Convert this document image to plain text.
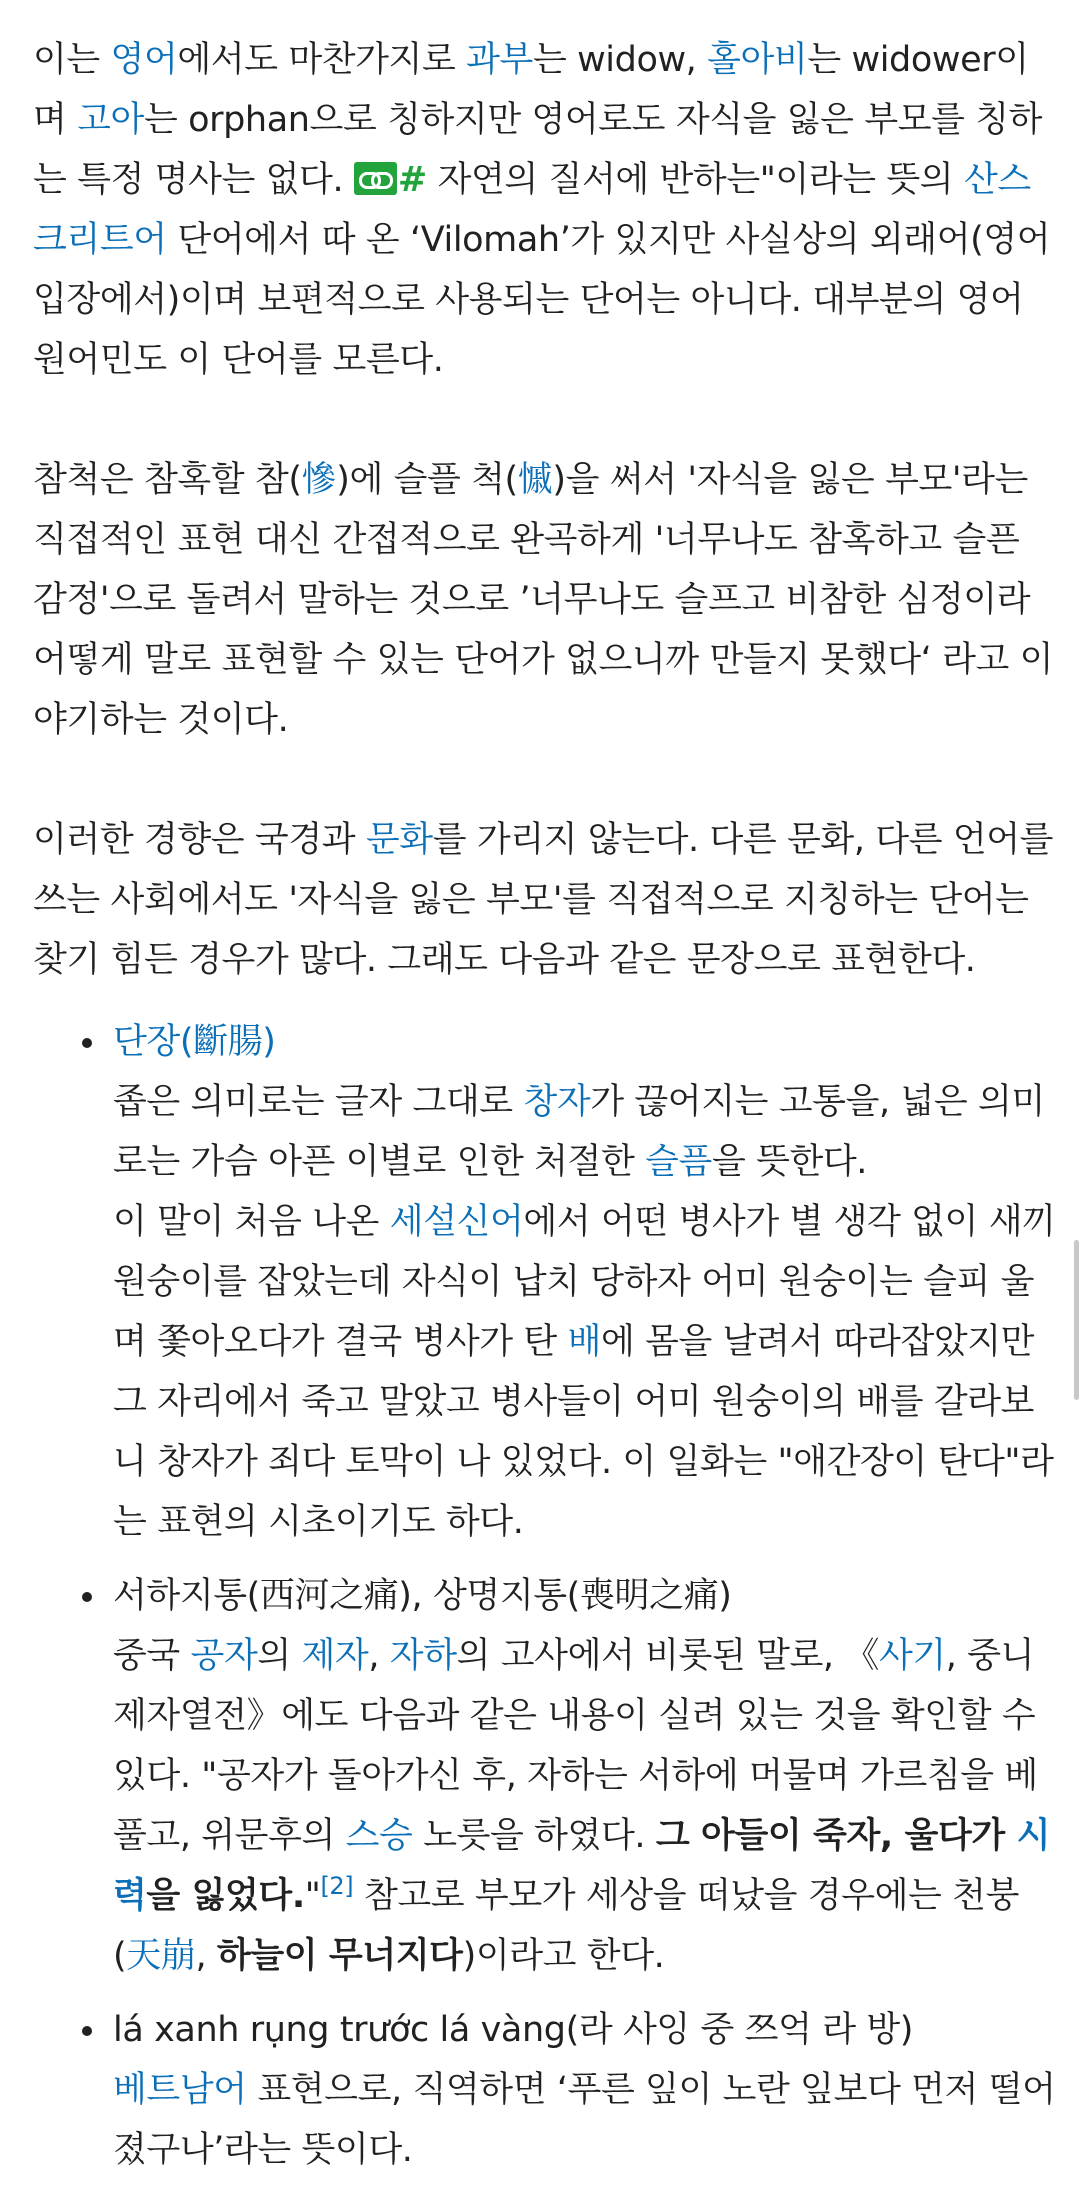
이는 영어에서도 마찬가지로 과부는 widow, 홀아비는 widower이며 고아는 orphan으로 칭하지만 영어로도 자식을 잃은 부모를 칭하는 특정 명사는 없다. # 자연의 질서에 반하는"이라는 뜻의 산스크리트어 단어에서 따 온 ‘Vilomah’가 있지만 사실상의 외래어(영어 입장에서)이며 보편적으로 사용되는 단어는 아니다. 대부분의 영어 원어민도 이 단어를 모른다.

참척은 참혹할 참(慘)에 슬플 척(慽)을 써서 '자식을 잃은 부모'라는 직접적인 표현 대신 간접적으로 완곡하게 '너무나도 참혹하고 슬픈 감정'으로 돌려서 말하는 것으로 ’너무나도 슬프고 비참한 심정이라 어떻게 말로 표현할 수 있는 단어가 없으니까 만들지 못했다‘ 라고 이야기하는 것이다.

이러한 경향은 국경과 문화를 가리지 않는다. 다른 문화, 다른 언어를 쓰는 사회에서도 '자식을 잃은 부모'를 직접적으로 지칭하는 단어는 찾기 힘든 경우가 많다. 그래도 다음과 같은 문장으로 표현한다.

단장(斷腸)

좁은 의미로는 글자 그대로 창자가 끊어지는 고통을, 넓은 의미로는 가슴 아픈 이별로 인한 처절한 슬픔을 뜻한다.

이 말이 처음 나온 세설신어에서 어떤 병사가 별 생각 없이 새끼 원숭이를 잡았는데 자식이 납치 당하자 어미 원숭이는 슬피 울며 쫓아오다가 결국 병사가 탄 배에 몸을 날려서 따라잡았지만 그 자리에서 죽고 말았고 병사들이 어미 원숭이의 배를 갈라보니 창자가 죄다 토막이 나 있었다. 이 일화는 "애간장이 탄다"라는 표현의 시초이기도 하다.

서하지통(西河之痛), 상명지통(喪明之痛)

중국 공자의 제자, 자하의 고사에서 비롯된 말로, 《사기, 중니제자열전》에도 다음과 같은 내용이 실려 있는 것을 확인할 수 있다. "공자가 돌아가신 후, 자하는 서하에 머물며 가르침을 베풀고, 위문후의 스승 노릇을 하였다. 그 아들이 죽자, 울다가 시력을 잃었다."[2] 참고로 부모가 세상을 떠났을 경우에는 천붕(天崩, 하늘이 무너지다)이라고 한다.

lá xanh rụng trước lá vàng(라 사잉 중 쯔억 라 방)

베트남어 표현으로, 직역하면 ‘푸른 잎이 노란 잎보다 먼저 떨어졌구나’라는 뜻이다.
